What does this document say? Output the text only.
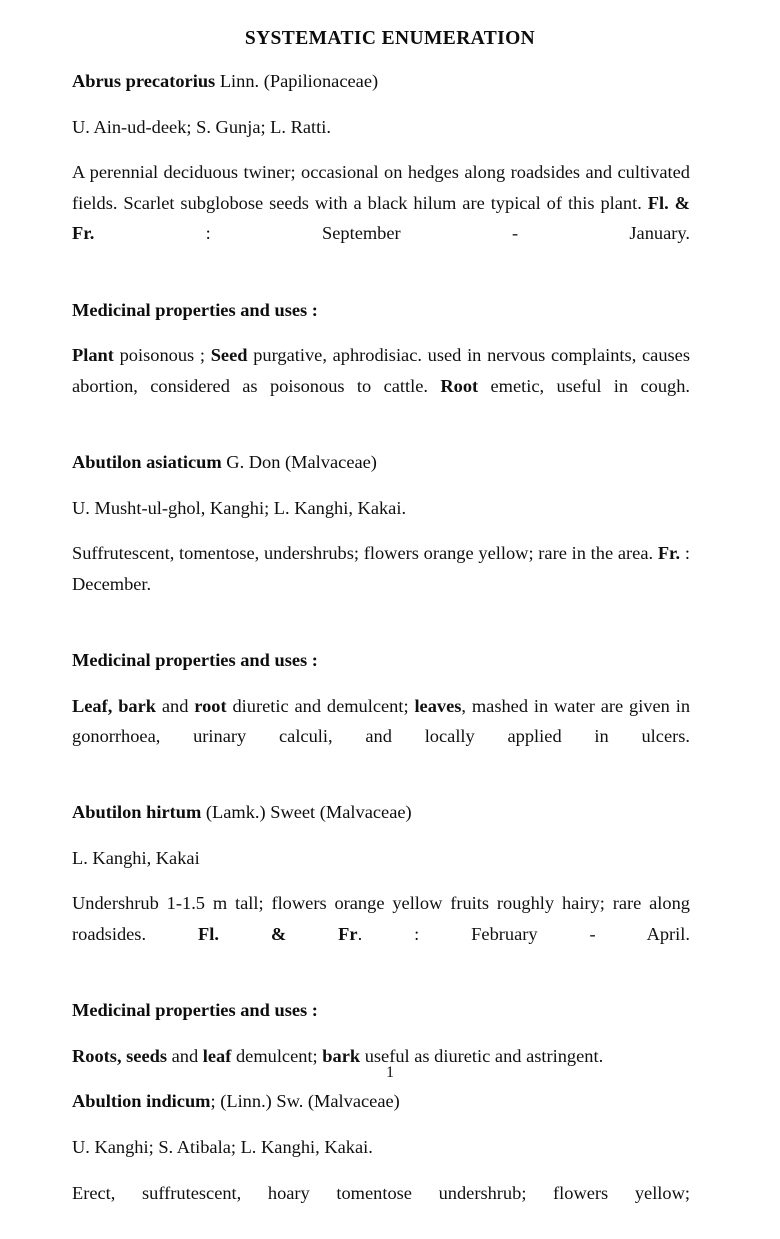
SYSTEMATIC ENUMERATION

Abrus precatorius Linn. (Papilionaceae)

U. Ain-ud-deek; S. Gunja; L. Ratti.

A perennial deciduous twiner; occasional on hedges along roadsides and cultivated fields. Scarlet subglobose seeds with a black hilum are typical of this plant. Fl. & Fr. : September - January.

Medicinal properties and uses :

Plant poisonous ; Seed purgative, aphrodisiac. used in nervous complaints, causes abortion, considered as poisonous to cattle. Root emetic, useful in cough.

Abutilon asiaticum G. Don (Malvaceae)

U. Musht-ul-ghol, Kanghi; L. Kanghi, Kakai.

Suffrutescent, tomentose, undershrubs; flowers orange yellow; rare in the area. Fr. : December.

Medicinal properties and uses :

Leaf, bark and root diuretic and demulcent; leaves, mashed in water are given in gonorrhoea, urinary calculi, and locally applied in ulcers.

Abutilon hirtum (Lamk.) Sweet (Malvaceae)

L. Kanghi, Kakai

Undershrub 1-1.5 m tall; flowers orange yellow fruits roughly hairy; rare along roadsides. Fl. & Fr. : February - April.

Medicinal properties and uses :

Roots, seeds and leaf demulcent; bark useful as diuretic and astringent.

Abultion indicum; (Linn.) Sw. (Malvaceae)

U. Kanghi; S. Atibala; L. Kanghi, Kakai.

Erect, suffrutescent, hoary tomentose undershrub; flowers yellow;

1
